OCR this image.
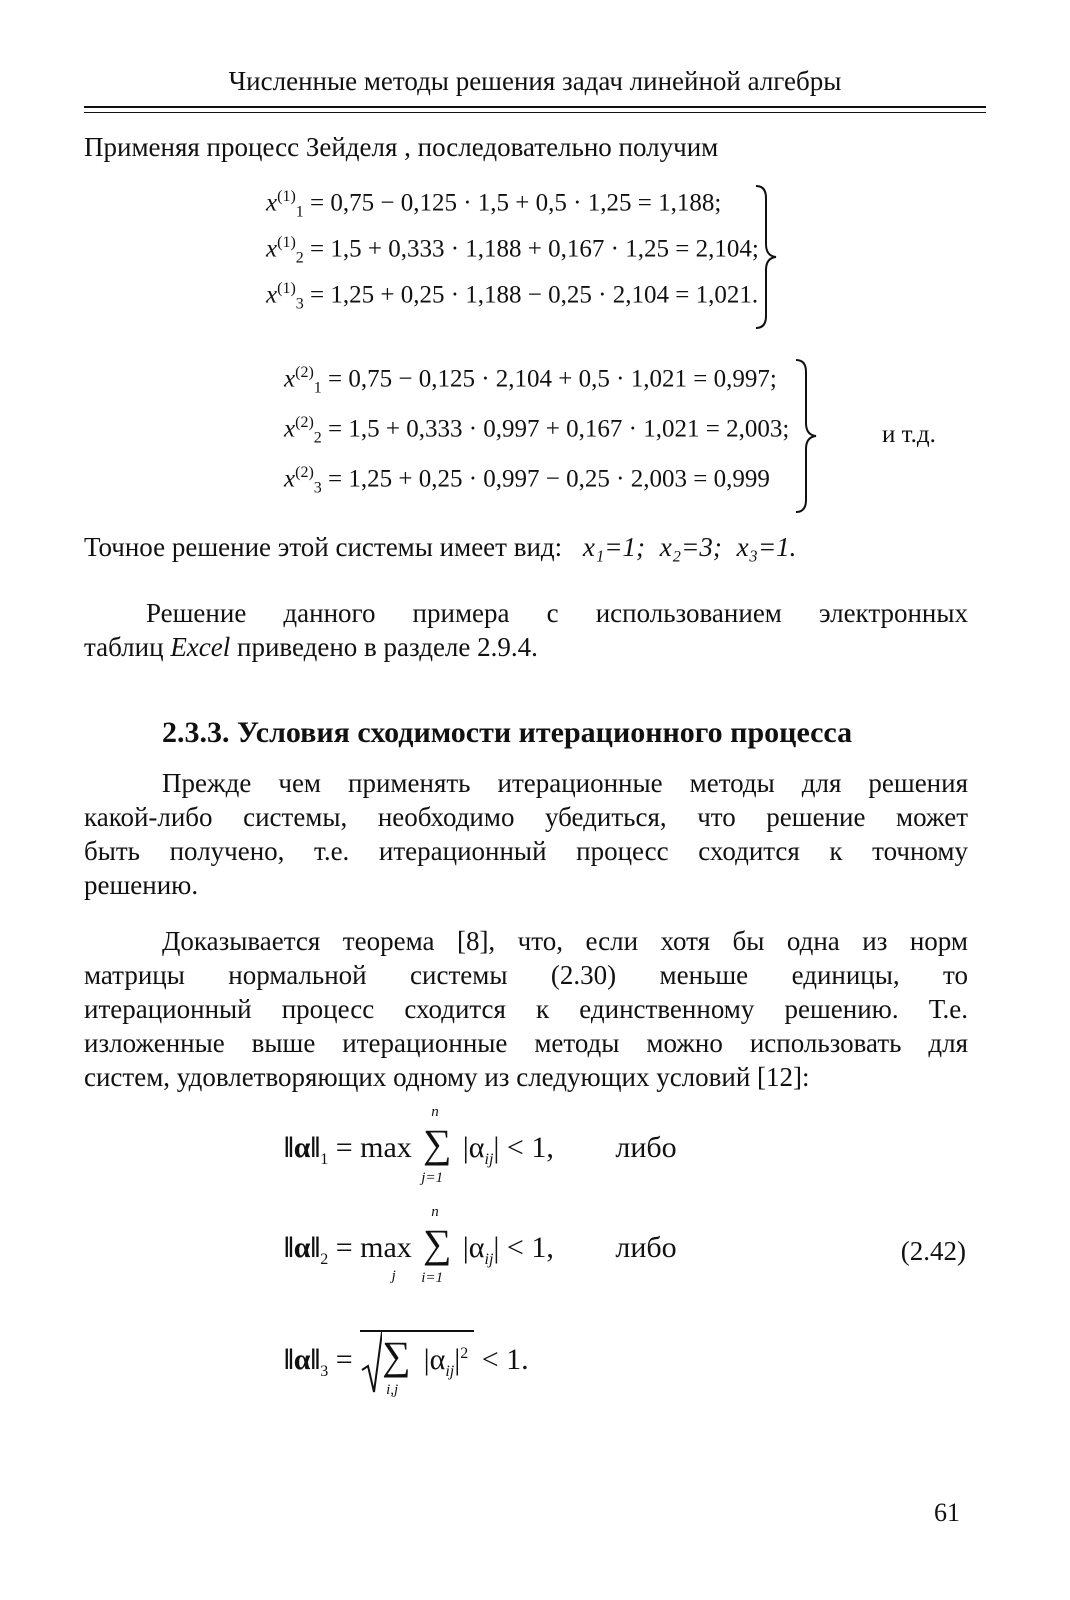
Численные методы решения задач линейной алгебры
Применяя процесс Зейделя , последовательно получим
$x^{(1)}_1 = 0,75 - 0,125 \cdot 1,5 + 0,5 \cdot 1,25 = 1,188$;
$x^{(1)}_2 = 1,5 + 0,333 \cdot 1,188 + 0,167 \cdot 1,25 = 2,104$;
$x^{(1)}_3 = 1,25 + 0,25 \cdot 1,188 - 0,25 \cdot 2,104 = 1,021$.
$x^{(2)}_1 = 0,75 - 0,125 \cdot 2,104 + 0,5 \cdot 1,021 = 0,997$;
$x^{(2)}_2 = 1,5 + 0,333 \cdot 0,997 + 0,167 \cdot 1,021 = 2,003$;
$x^{(2)}_3 = 1,25 + 0,25 \cdot 0,997 - 0,25 \cdot 2,003 = 0,999$
и т.д.
Точное решение этой системы имеет вид: x₁=1; x₂=3; x₃=1.
Решение данного примера с использованием электронных
таблиц Excel приведено в разделе 2.9.4.
2.3.3. Условия сходимости итерационного процесса
Прежде чем применять итерационные методы для решения
какой-либо системы, необходимо убедиться, что решение может
быть получено, т.е. итерационный процесс сходится к точному
решению.
Доказывается теорема [8], что, если хотя бы одна из норм
матрицы нормальной системы (2.30) меньше единицы, то
итерационный процесс сходится к единственному решению. Т.е.
изложенные выше итерационные методы можно использовать для
систем, удовлетворяющих одному из следующих условий [12]:
$‖\alpha‖_1 = \max$
n
∑
j=1
$|\alpha_{ij}| < 1$, либо
$‖\alpha‖_2 = \max$
j

n
∑
i=1
$|\alpha_{ij}| < 1$, либо	(2.42)
$‖\alpha‖_3$ = ∑
i,j
$|\alpha_{ij}|^2 < 1$.
61
